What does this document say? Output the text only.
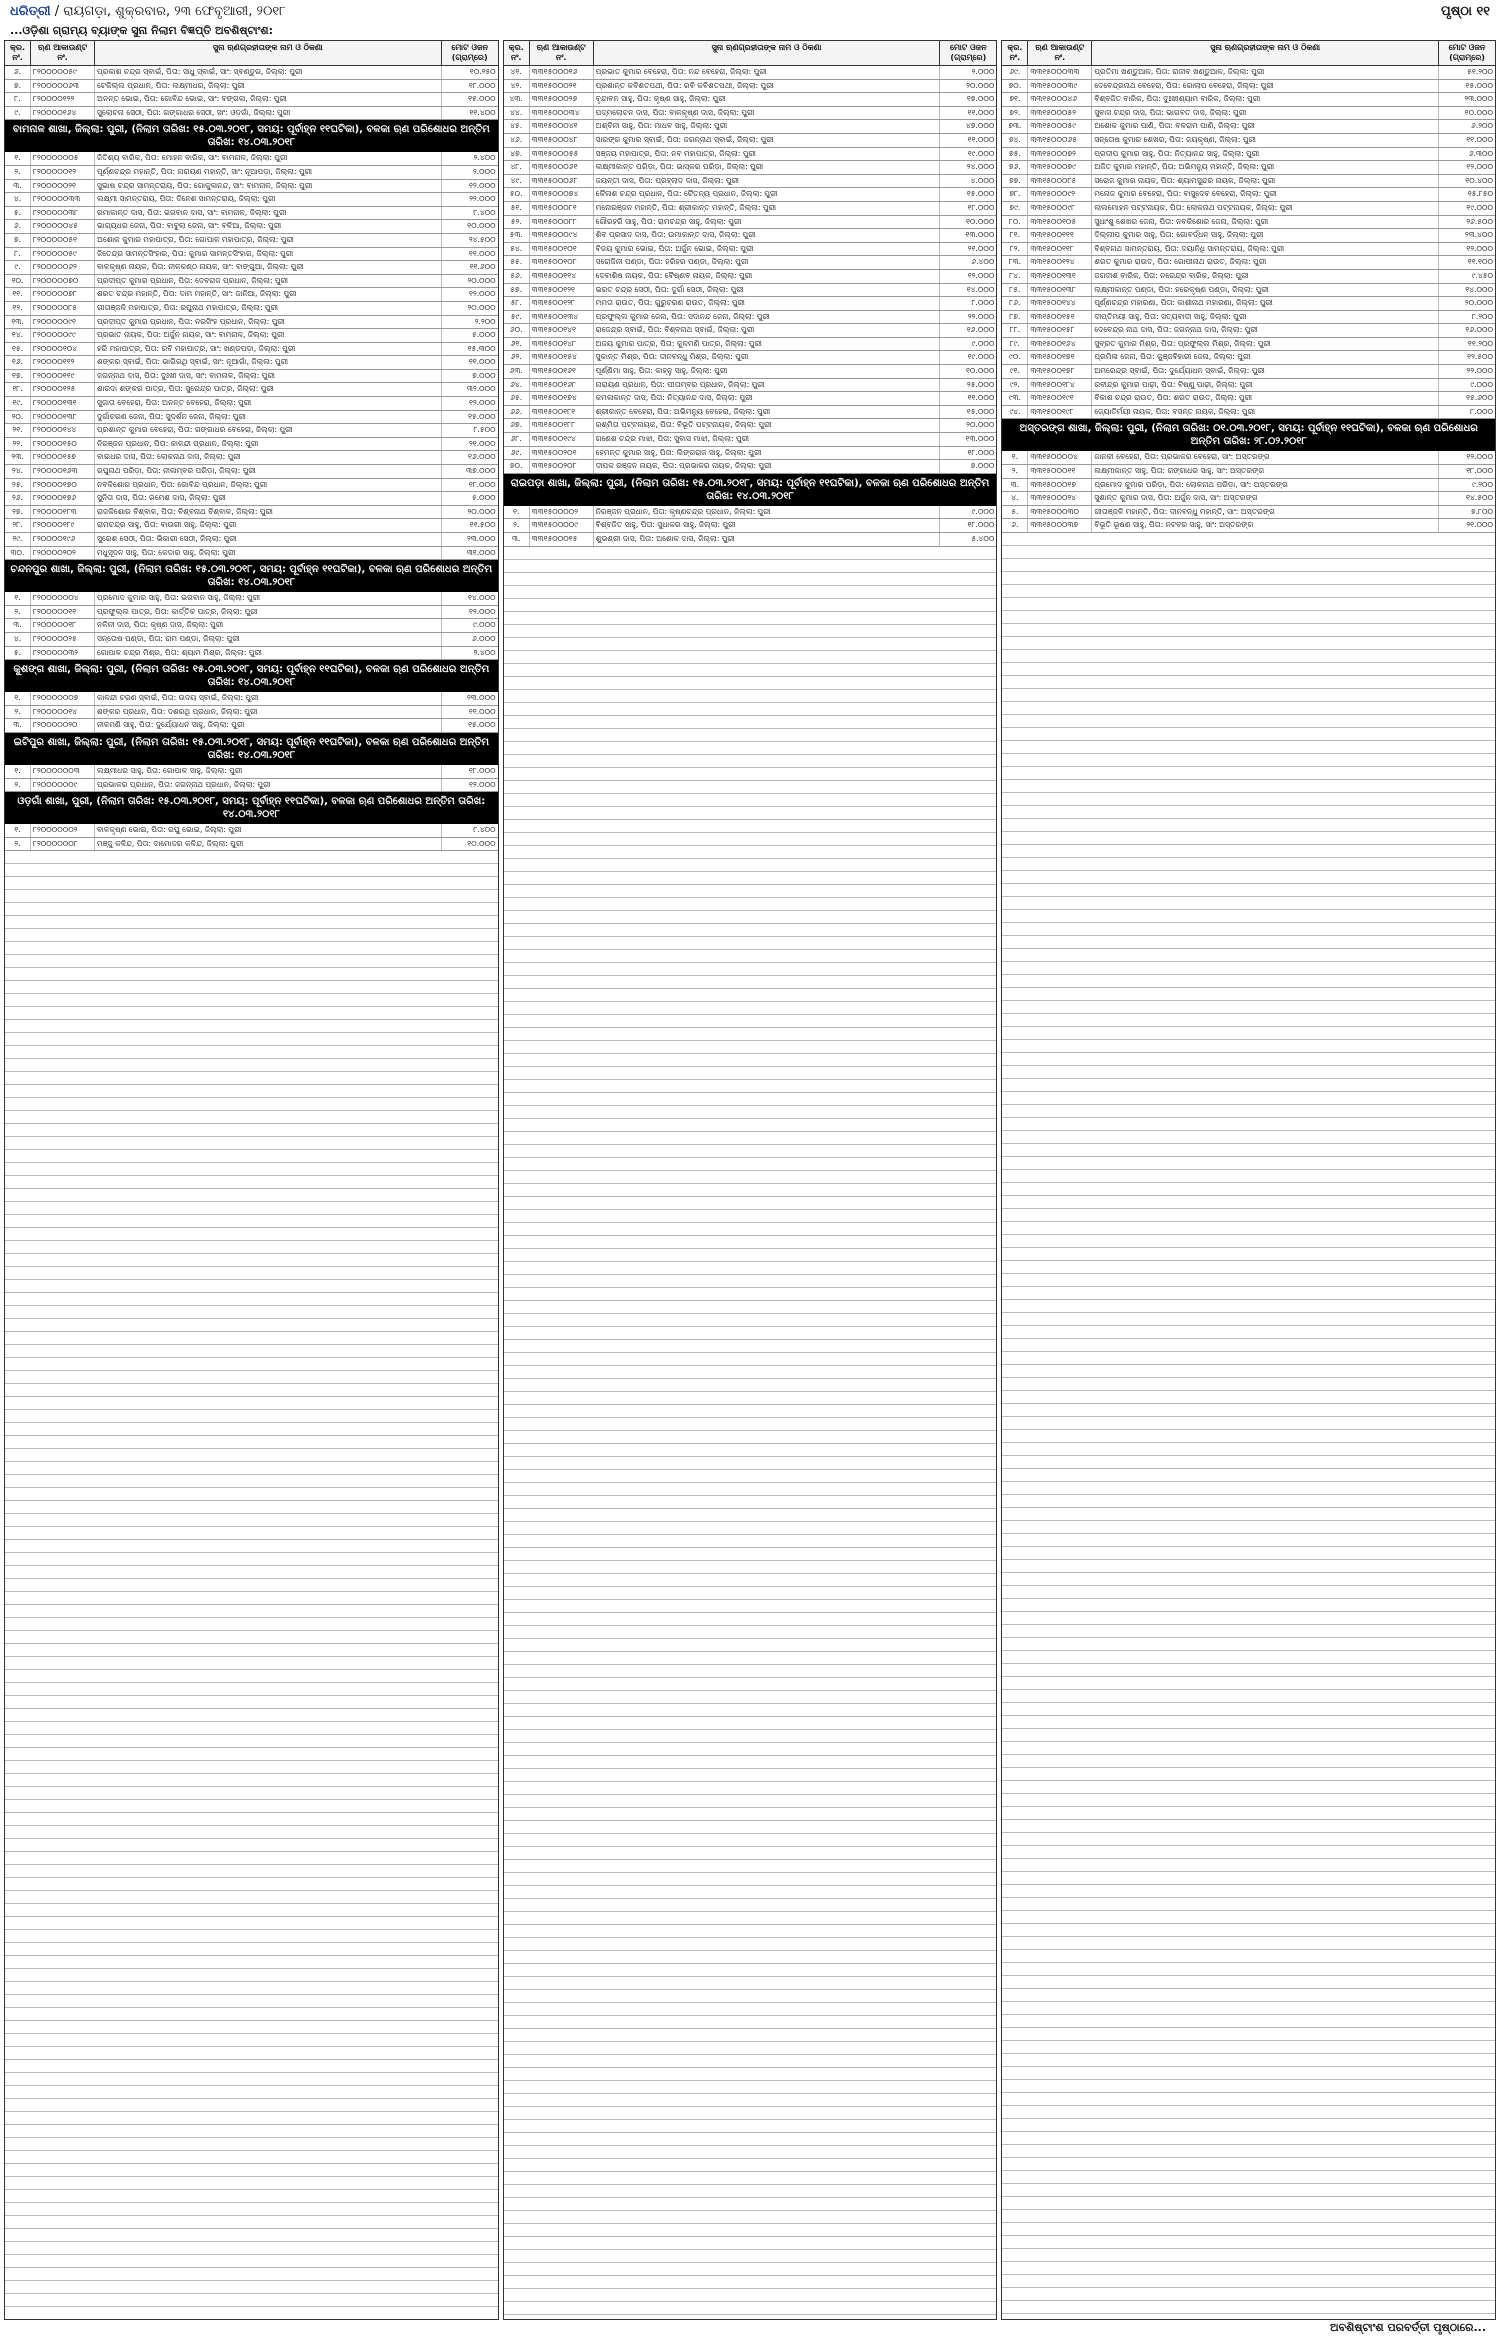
ଧରିତ୍ରୀ / ରାୟଗଡ଼ା, ଶୁକ୍ରବାର, ୨୩ ଫେବୃଆରୀ, ୨୦୧୮	ପୃଷ୍ଠା ୧୧
...ଓଡ଼ିଶା ଗ୍ରାମ୍ୟ ବ୍ୟାଙ୍କ ସୁନା ନିଲାମ ବିଜ୍ଞପ୍ତି ଅବଶିଷ୍ଟାଂଶ:
କ୍ର. ନଂ.
ଋଣ ଆକାଉଣ୍ଟ ନଂ.
ସୁନା ଋଣଗ୍ରହୀତାଙ୍କ ନାମ ଓ ଠିକଣା	ମୋଟ ଓଜନ (ଗ୍ରାମ୍‌ରେ)
୬.	୮୨୦୦୦୦୦୫୯	ପ୍ରକାଶ ଚନ୍ଦ୍ର ସ୍ବାଇଁ, ପିତା: ସାଧୁ ସ୍ବାଇଁ, ସାଂ: ସ୍ବଣ୍ଡୁର, ଜିଲ୍ଲା: ପୁରୀ	୧୦.୨୫୦
୭.	୮୨୦୦୦୦୦୬୩	ଟେକିଲ୍ଲ ପ୍ରଧାନ, ପିତା: ଲକ୍ଷ୍ମୀଧର, ଜିଲ୍ଲା: ପୁରୀ	୧୮.୦୦୦
୮.	୮୨୦୦୦୦୧୨୨	ଅନନ୍ତ ଭୋଇ, ପିତା: ଗୋବିନ୍ଦ ଭୋଇ, ସାଂ: ବଙ୍ଗଳା, ଜିଲ୍ଲା: ପୁରୀ	୧୫.୦୦୦
୯.	୮୨୦୦୦୦୧୬୪	ସୁଲୋଚନା ସେଠୀ, ପିତା: ଗଙ୍ଗାଧର ସେଠୀ, ସାଂ: ଓଡ଼ଗାଁ, ଜିଲ୍ଲା: ପୁରୀ	୧୧.୪୦୦
ବାମନାଳ ଶାଖା, ଜିଲ୍ଲା: ପୁରୀ, (ନିଲାମ ତାରିଖ: ୧୫.୦୩.୨୦୧୮, ସମୟ: ପୂର୍ବାହ୍ନ ୧୧ଘଟିକା), ବଳକା ଋଣ ପରିଶୋଧର ଅନ୍ତିମ ତାରିଖ: ୧୪.୦୩.୨୦୧୮
୧.	୮୨୦୦୦୦୦୦୫	ଜିତିଶ୍ୟ ବାରିକ, ପିତା: ମୋହନ ବାରିକ, ସାଂ: ବାମନାଳ, ଜିଲ୍ଲା: ପୁରୀ	୨.୪୦୦
୨.	୮୨୦୦୦୦୦୧୨	ପୂର୍ଣ୍ଣଚନ୍ଦ୍ର ମହାନ୍ତି, ପିତା: ନାରାୟଣ ମହାନ୍ତି, ସାଂ: ନୂଆପଡ଼ା, ଜିଲ୍ଲା: ପୁରୀ	୨.୦୦୦
୩.	୮୨୦୦୦୦୦୨୧	ସୁଭାଷ ଚନ୍ଦ୍ର ସାମନ୍ତରାୟ, ପିତା: ଗୋକୁଳାନନ୍ଦ, ସାଂ: ବାମନାଳ, ଜିଲ୍ଲା: ପୁରୀ	୧୨.୦୦୦
୪.	୮୨୦୦୦୦୦୩୩	ଲକ୍ଷ୍ମୀ ସାମନ୍ତରାୟ, ପିତା: ଦିନେଶ ସାମନ୍ତରାୟ, ଜିଲ୍ଲା: ପୁରୀ	୨୨.୦୦୦
୫.	୮୨୦୦୦୦୦୩୮	ରମାକାନ୍ତ ଦାସ, ପିତା: ଭଗବାନ ଦାସ, ସାଂ: ବାମନାଳ, ଜିଲ୍ଲା: ପୁରୀ	୮.୪୦୦
୬.	୮୨୦୦୦୦୦୪୫	ଭାଗ୍ୟଧର ଜେନା, ପିତା: ବାବୁଲା ଜେନା, ସାଂ: ବଳିଆ, ଜିଲ୍ଲା: ପୁରୀ	୧୦.୦୦୦
୭.	୮୨୦୦୦୦୦୫୧	ଅଶୋକ କୁମାର ମହାପାତ୍ର, ପିତା: ଗୋପାଳ ମହାପାତ୍ର, ଜିଲ୍ଲା: ପୁରୀ	୨୪.୫୦୦
୮.	୮୨୦୦୦୦୦୫୯	ଜିତେନ୍ଦ୍ର ସାମନ୍ତସିଂହାର, ପିତା: କୁମାର ସାମନ୍ତସିଂହାର, ଜିଲ୍ଲା: ପୁରୀ	୧୧.୦୦୦
୯.	୮୨୦୦୦୦୦୬୨	ବାଳକୃଷ୍ଣ ନାୟକ, ପିତା: ନୀଳକଣ୍ଠ ନାୟକ, ସାଂ: ବାଙ୍ଗୁଆ, ଜିଲ୍ଲା: ପୁରୀ	୧୧.୬୦୦
୧୦.	୮୨୦୦୦୦୦୭୦	ପ୍ରଦୀପ୍ତ କୁମାର ପ୍ରଧାନ, ପିତା: ଦେବରାଜ ପ୍ରଧାନ, ଜିଲ୍ଲା: ପୁରୀ	୨୦.୦୦୦
୧୧.	୮୨୦୦୦୦୦୭୮	ଶରତ ଚନ୍ଦ୍ର ମହାନ୍ତି, ପିତା: ଦାମ ମହାନ୍ତି, ସାଂ: ଜାନିଆ, ଜିଲ୍ଲା: ପୁରୀ	୧୨.୦୦୦
୧୨.	୮୨୦୦୦୦୦୮୫	ଗୀତାଞ୍ଜଳି ମହାପାତ୍ର, ପିତା: ରଘୁନାଥ ମହାପାତ୍ର, ଜିଲ୍ଲା: ପୁରୀ	୨୦.୦୦୦
୧୩.	୮୨୦୦୦୦୦୯୧	ପ୍ରଦୀପ୍ତ କୁମାର ପ୍ରଧାନ, ପିତା: ନରସିଂହ ପ୍ରଧାନ, ଜିଲ୍ଲା: ପୁରୀ	୨.୨୦୦
୧୪.	୮୨୦୦୦୦୦୯୯	ପ୍ରଭାତ ନାୟକ, ପିତା: ଅର୍ଜୁନ ନାୟକ, ସାଂ: ବାମନାଳ, ଜିଲ୍ଲା: ପୁରୀ	୫.୦୦୦
୧୫.	୮୨୦୦୦୦୧୦୪	ହରି ମହାପାତ୍ର, ପିତା: ରବି ମହାପାତ୍ର, ସାଂ: ଖଣ୍ଡପଡ଼ା, ଜିଲ୍ଲା: ପୁରୀ	୧୫.୩୦୦
୧୬.	୮୨୦୦୦୦୧୧୨	ଶଙ୍କର ସ୍ବାଇଁ, ପିତା: ଭାଗିରଥି ସ୍ବାଇଁ, ସାଂ: ନୂଆଗାଁ, ଜିଲ୍ଲା: ପୁରୀ	୧୧.୦୦୦
୧୭.	୮୨୦୦୦୦୧୧୯	ଜଗନ୍ନାଥ ଦାସ, ପିତା: ଦୁଃଖୀ ଦାସ, ସାଂ: ବାମନାଳ, ଜିଲ୍ଲା: ପୁରୀ	୭.୦୦୦
୧୮.	୮୨୦୦୦୦୧୨୫	ଶାରଦା ଶଙ୍କର ପାତ୍ର, ପିତା: ସୁରେନ୍ଦ୍ର ପାତ୍ର, ଜିଲ୍ଲା: ପୁରୀ	୩୨.୦୦୦
୧୯.	୮୨୦୦୦୦୧୩୧	ସୁଜାତା ବେହେରା, ପିତା: ଅନନ୍ତ ବେହେରା, ଜିଲ୍ଲା: ପୁରୀ	୧୨.୦୦୦
୨୦.	୮୨୦୦୦୦୧୩୮	ଦୁର୍ଗାଚରଣ ଜେନା, ପିତା: ସୁଦର୍ଶନ ଜେନା, ଜିଲ୍ଲା: ପୁରୀ	୧୫.୦୦୦
୨୧.	୮୨୦୦୦୦୧୪୪	ପ୍ରଶାନ୍ତ କୁମାର ବେହେରା, ପିତା: ଗଙ୍ଗାଧର ବେହେରା, ଜିଲ୍ଲା: ପୁରୀ	୮.୫୦୦
୨୨.	୮୨୦୦୦୦୧୫୦	ନିରଞ୍ଜନ ପ୍ରଧାନ, ପିତା: କାଳନ୍ଦୀ ପ୍ରଧାନ, ଜିଲ୍ଲା: ପୁରୀ	୨୧.୦୦୦
୨୩.	୮୨୦୦୦୦୧୫୭	ବାଇଧର ଦାସ, ପିତା: ଲୋକନାଥ ଦାସ, ଜିଲ୍ଲା: ପୁରୀ	୧୬.୦୦୦
୨୪.	୮୨୦୦୦୦୧୬୩	ରଘୁନାଥ ପରିଡ଼ା, ପିତା: ନୀଳାମ୍ବର ପରିଡ଼ା, ଜିଲ୍ଲା: ପୁରୀ	୩୭.୦୦୦
୨୫.	୮୨୦୦୦୦୧୭୦	ନବକିଶୋର ପ୍ରଧାନ, ପିତା: ଗୋବିନ୍ଦ ପ୍ରଧାନ, ଜିଲ୍ଲା: ପୁରୀ	୧୮.୦୦୦
୨୬.	୮୨୦୦୦୦୧୭୬	ସୁନିତା ଦାସ, ପିତା: ରମେଶ ଦାସ, ଜିଲ୍ଲା: ପୁରୀ	୫.୦୦୦
୨୭.	୮୨୦୦୦୦୧୮୩	ରାଜକିଶୋର ବିଶ୍ବାଳ, ପିତା: ବିଶ୍ବନାଥ ବିଶ୍ବାଳ, ଜିଲ୍ଲା: ପୁରୀ	୨୦.୦୦୦
୨୮.	୮୨୦୦୦୦୧୮୯	ରାମଚନ୍ଦ୍ର ସାହୁ, ପିତା: ବାଉରୀ ସାହୁ, ଜିଲ୍ଲା: ପୁରୀ	୧୧.୫୦୦
୨୯.	୮୨୦୦୦୦୧୯୬	ସୁରେଶ ସେଠୀ, ପିତା: ଭିକାରୀ ସେଠୀ, ଜିଲ୍ଲା: ପୁରୀ	୨୩.୦୦୦
୩୦.	୮୨୦୦୦୦୨୦୨	ମଧୁସୂଦନ ସାହୁ, ପିତା: କେଦାର ସାହୁ, ଜିଲ୍ଲା: ପୁରୀ	୩୧.୦୦୦
ଚନ୍ଦନପୁର ଶାଖା, ଜିଲ୍ଲା: ପୁରୀ, (ନିଲାମ ତାରିଖ: ୧୫.୦୩.୨୦୧୮, ସମୟ: ପୂର୍ବାହ୍ନ ୧୧ଘଟିକା), ବଳକା ଋଣ ପରିଶୋଧର ଅନ୍ତିମ ତାରିଖ: ୧୪.୦୩.୨୦୧୮
୧.	୮୨୦୦୦୦୦୦୪	ପ୍ରମୋଦ କୁମାର ସାହୁ, ପିତା: ଭଗବାନ ସାହୁ, ଜିଲ୍ଲା: ପୁରୀ	୧୪.୦୦୦
୨.	୮୨୦୦୦୦୦୧୧	ପ୍ରଫୁଲ୍ଲ ପାତ୍ର, ପିତା: କାର୍ତ୍ତିକ ପାତ୍ର, ଜିଲ୍ଲା: ପୁରୀ	୧୨.୦୦୦
୩.	୮୨୦୦୦୦୦୧୮	ନଳିନୀ ଦାସ, ପିତା: କୃଷ୍ଣ ଦାସ, ଜିଲ୍ଲା: ପୁରୀ	୯.୦୦୦
୪.	୮୨୦୦୦୦୦୨୫	ସନ୍ତୋଷ ପଣ୍ଡା, ପିତା: ରାମ ପଣ୍ଡା, ଜିଲ୍ଲା: ପୁରୀ	୬.୦୦୦
୫.	୮୨୦୦୦୦୦୩୨	ଗୋପାଳ ଚନ୍ଦ୍ର ମିଶ୍ର, ପିତା: ଶ୍ୟାମ ମିଶ୍ର, ଜିଲ୍ଲା: ପୁରୀ	୨.୪୦୦
କୁଶଙ୍ଗ ଶାଖା, ଜିଲ୍ଲା: ପୁରୀ, (ନିଲାମ ତାରିଖ: ୧୫.୦୩.୨୦୧୮, ସମୟ: ପୂର୍ବାହ୍ନ ୧୧ଘଟିକା), ବଳକା ଋଣ ପରିଶୋଧର ଅନ୍ତିମ ତାରିଖ: ୧୪.୦୩.୨୦୧୮
୧.	୮୨୦୦୦୦୦୦୭	କାଳନ୍ଦୀ ଚରଣ ସ୍ବାଇଁ, ପିତା: ଉଦୟ ସ୍ବାଇଁ, ଜିଲ୍ଲା: ପୁରୀ	୨୩.୦୦୦
୨.	୮୨୦୦୦୦୦୧୪	ଶଙ୍କର ପ୍ରଧାନ, ପିତା: ଦଶରଥି ପ୍ରଧାନ, ଜିଲ୍ଲା: ପୁରୀ	୧୧.୦୦୦
୩.	୮୨୦୦୦୦୦୨୦	ନୀଳମଣି ସାହୁ, ପିତା: ଦୁର୍ଯ୍ୟୋଧନ ସାହୁ, ଜିଲ୍ଲା: ପୁରୀ	୧୫.୦୦୦
ଇଟିପୁର ଶାଖା, ଜିଲ୍ଲା: ପୁରୀ, (ନିଲାମ ତାରିଖ: ୧୫.୦୩.୨୦୧୮, ସମୟ: ପୂର୍ବାହ୍ନ ୧୧ଘଟିକା), ବଳକା ଋଣ ପରିଶୋଧର ଅନ୍ତିମ ତାରିଖ: ୧୪.୦୩.୨୦୧୮
୧.	୮୨୦୦୦୦୦୦୩	ଲକ୍ଷ୍ମୀଧର ସାହୁ, ପିତା: ଗୋପାଳ ସାହୁ, ଜିଲ୍ଲା: ପୁରୀ	୧୮.୦୦୦
୨.	୮୨୦୦୦୦୦୦୯	ପ୍ରଭାକର ପ୍ରଧାନ, ପିତା: ଜଗନ୍ନାଥ ପ୍ରଧାନ, ଜିଲ୍ଲା: ପୁରୀ	୧୨.୦୦୦
ଓଡ଼ଗାଁ ଶାଖା, ପୁରୀ, (ନିଲାମ ତାରିଖ: ୧୫.୦୩.୨୦୧୮, ସମୟ: ପୂର୍ବାହ୍ନ ୧୧ଘଟିକା), ବଳକା ଋଣ ପରିଶୋଧର ଅନ୍ତିମ ତାରିଖ: ୧୪.୦୩.୨୦୧୮
୧.	୮୨୦୦୦୦୦୦୨	ବାଳକୃଷ୍ଣ ଭୋଇ, ପିତା: ରଘୁ ଭୋଇ, ଜିଲ୍ଲା: ପୁରୀ	୮.୪୦୦
୨.	୮୨୦୦୦୦୦୦୮	ମଞ୍ଜୁ କଳିନ୍ଦ, ପିତା: ଦାମୋଦର କଳିନ୍ଦ, ଜିଲ୍ଲା: ପୁରୀ	୧୦.୦୦୦
କ୍ର. ନଂ.
ଋଣ ଆକାଉଣ୍ଟ ନଂ.
ସୁନା ଋଣଗ୍ରହୀତାଙ୍କ ନାମ ଓ ଠିକଣା	ମୋଟ ଓଜନ (ଗ୍ରାମ୍‌ରେ)
୪୧.	୩୩୧୫୦୦୦୧୬	ପ୍ରଭାତ କୁମାର ବେହେରା, ପିତା: ନନ୍ଦ ବେହେରା, ଜିଲ୍ଲା: ପୁରୀ	୨.୦୦୦
୪୨.	୩୩୧୫୦୦୦୨୧	ପ୍ରଶାନ୍ତ କବିଶତପଥୀ, ପିତା: ରବି କବିଶତପଥୀ, ଜିଲ୍ଲା: ପୁରୀ	୨୦.୦୦୦
୪୩.	୩୩୧୫୦୦୦୨୭	ବୃନ୍ଦାବନ ସାହୁ, ପିତା: କୃଷ୍ଣ ସାହୁ, ଜିଲ୍ଲା: ପୁରୀ	୧୭.୦୦୦
୪୪.	୩୩୧୫୦୦୦୩୪	ପଦ୍ମଲୋଚନ ଦାସ, ପିତା: ବାଳକୃଷ୍ଣ ଦାସ, ଜିଲ୍ଲା: ପୁରୀ	୧୧.୦୦୦
୪୫.	୩୩୧୫୦୦୦୪୧	ଅଶ୍ବିନୀ ସାହୁ, ପିତା: ମାଧବ ସାହୁ, ଜିଲ୍ଲା: ପୁରୀ	୪୭.୦୦୦
୪୬.	୩୩୧୫୦୦୦୪୮	ସାରଙ୍ଗ କୁମାର ସ୍ବାଇଁ, ପିତା: ଜଗନ୍ନାଥ ସ୍ବାଇଁ, ଜିଲ୍ଲା: ପୁରୀ	୧୧.୦୦୦
୪୭.	୩୩୧୫୦୦୦୫୫	ସଞ୍ଜୟ ମହାପାତ୍ର, ପିତା: ନବ ମହାପାତ୍ର, ଜିଲ୍ଲା: ପୁରୀ	୧୯.୦୦୦
୪୮.	୩୩୧୫୦୦୦୬୧	ଲକ୍ଷ୍ମୀକାନ୍ତ ପରିଡ଼ା, ପିତା: ଭାସ୍କର ପରିଡ଼ା, ଜିଲ୍ଲା: ପୁରୀ	୨୪.୦୦୦
୪୯.	୩୩୧୫୦୦୦୬୮	ଜୟନ୍ତୀ ଦାସ, ପିତା: ପ୍ରହ୍ଲାଦ ଦାସ, ଜିଲ୍ଲା: ପୁରୀ	୪.୦୦୦
୫୦.	୩୩୧୫୦୦୦୭୪	କୈଳାଶ ଚନ୍ଦ୍ର ପ୍ରଧାନ, ପିତା: ଚୈତନ୍ୟ ପ୍ରଧାନ, ଜିଲ୍ଲା: ପୁରୀ	୧୫.୦୦୦
୫୧.	୩୩୧୫୦୦୦୮୧	ମନୋରଞ୍ଜନ ମହାନ୍ତି, ପିତା: ଶ୍ରୀକାନ୍ତ ମହାନ୍ତି, ଜିଲ୍ଲା: ପୁରୀ	୧୮.୦୦୦
୫୨.	୩୩୧୫୦୦୦୮୮	ଗୌରହରି ସାହୁ, ପିତା: ରାମଚନ୍ଦ୍ର ସାହୁ, ଜିଲ୍ଲା: ପୁରୀ	୧୦.୦୦୦
୫୩.	୩୩୧୫୦୦୦୯୪	ଶିବ ପ୍ରସାଦ ଦାସ, ପିତା: ଉମାକାନ୍ତ ଦାସ, ଜିଲ୍ଲା: ପୁରୀ	୧୩.୦୦୦
୫୪.	୩୩୧୫୦୦୧୦୧	ବିଜୟ କୁମାର ଭୋଇ, ପିତା: ଅର୍ଜୁନ ଭୋଇ, ଜିଲ୍ଲା: ପୁରୀ	୨୧.୦୦୦
୫୫.	୩୩୧୫୦୦୧୦୮	ସରୋଜିନୀ ପଣ୍ଡା, ପିତା: ହରିହର ପଣ୍ଡା, ଜିଲ୍ଲା: ପୁରୀ	୬.୪୦୦
୫୬.	୩୩୧୫୦୦୧୧୪	ଦେବାଶିଷ ନାୟକ, ପିତା: ବୈଷ୍ଣବ ନାୟକ, ଜିଲ୍ଲା: ପୁରୀ	୧୨.୦୦୦
୫୭.	୩୩୧୫୦୦୧୨୧	ଭରତ ଚନ୍ଦ୍ର ସେଠୀ, ପିତା: ଦୁର୍ଗା ସେଠୀ, ଜିଲ୍ଲା: ପୁରୀ	୧୪.୦୦୦
୫୮.	୩୩୧୫୦୦୧୨୮	ମମତା ରାଉତ, ପିତା: ଗୁରୁଚରଣ ରାଉତ, ଜିଲ୍ଲା: ପୁରୀ	୮.୦୦୦
୫୯.	୩୩୧୫୦୦୧୩୪	ପ୍ରଫୁଲ୍ଲ କୁମାର ଜେନା, ପିତା: ସଦାନନ୍ଦ ଜେନା, ଜିଲ୍ଲା: ପୁରୀ	୨୨.୦୦୦
୬୦.	୩୩୧୫୦୦୧୪୧	ରାଜେନ୍ଦ୍ର ସ୍ବାଇଁ, ପିତା: ବିଶ୍ବନାଥ ସ୍ବାଇଁ, ଜିଲ୍ଲା: ପୁରୀ	୧୬.୦୦୦
୬୧.	୩୩୧୫୦୦୧୪୮	ଅଜୟ କୁମାର ପାତ୍ର, ପିତା: କୁଳମଣି ପାତ୍ର, ଜିଲ୍ଲା: ପୁରୀ	୯.୦୦୦
୬୨.	୩୩୧୫୦୦୧୫୪	ସୁକାନ୍ତ ମିଶ୍ର, ପିତା: ଦୀନବନ୍ଧୁ ମିଶ୍ର, ଜିଲ୍ଲା: ପୁରୀ	୧୯.୦୦୦
୬୩.	୩୩୧୫୦୦୧୬୧	ପୂର୍ଣ୍ଣିମା ସାହୁ, ପିତା: କାହ୍ନୁ ସାହୁ, ଜିଲ୍ଲା: ପୁରୀ	୧୦.୦୦୦
୬୪.	୩୩୧୫୦୦୧୬୮	ନାରାୟଣ ପ୍ରଧାନ, ପିତା: ପୀତାମ୍ବର ପ୍ରଧାନ, ଜିଲ୍ଲା: ପୁରୀ	୨୫.୦୦୦
୬୫.	୩୩୧୫୦୦୧୭୪	କମଳାକାନ୍ତ ଦାସ, ପିତା: ନିତ୍ୟାନନ୍ଦ ଦାସ, ଜିଲ୍ଲା: ପୁରୀ	୧୧.୦୦୦
୬୬.	୩୩୧୫୦୦୧୮୧	ଶ୍ରୀକାନ୍ତ ବେହେରା, ପିତା: ଅଭିମନ୍ୟୁ ବେହେରା, ଜିଲ୍ଲା: ପୁରୀ	୧୫.୦୦୦
୬୭.	୩୩୧୫୦୦୧୮୮	ରଶ୍ମିତା ପଟ୍ଟନାୟକ, ପିତା: ବିଭୂତି ପଟ୍ଟନାୟକ, ଜିଲ୍ଲା: ପୁରୀ	୨୦.୦୦୦
୬୮.	୩୩୧୫୦୦୧୯୪	ଗଣେଶ ଚନ୍ଦ୍ର ମାଝୀ, ପିତା: ସୁବାସ ମାଝୀ, ଜିଲ୍ଲା: ପୁରୀ	୧୩.୦୦୦
୬୯.	୩୩୧୫୦୦୨୦୧	ହେମନ୍ତ କୁମାର ସାହୁ, ପିତା: ଲିଙ୍ଗରାଜ ସାହୁ, ଜିଲ୍ଲା: ପୁରୀ	୧୮.୦୦୦
୭୦.	୩୩୧୫୦୦୨୦୮	ଦୀପକ ରଞ୍ଜନ ନାୟକ, ପିତା: ପ୍ରଭାକର ନାୟକ, ଜିଲ୍ଲା: ପୁରୀ	୭.୦୦୦
ରାଇପଡ଼ା ଶାଖା, ଜିଲ୍ଲା: ପୁରୀ, (ନିଲାମ ତାରିଖ: ୧୫.୦୩.୨୦୧୮, ସମୟ: ପୂର୍ବାହ୍ନ ୧୧ଘଟିକା), ବଳକା ଋଣ ପରିଶୋଧର ଅନ୍ତିମ ତାରିଖ: ୧୪.୦୩.୨୦୧୮
୧.	୩୩୧୫୦୦୦୦୨	ନିରଞ୍ଜନ ପ୍ରଧାନ, ପିତା: କୃଷ୍ଣଚନ୍ଦ୍ର ପ୍ରଧାନ, ଜିଲ୍ଲା: ପୁରୀ	୯.୦୦୦
୨.	୩୩୧୫୦୦୦୦୯	ବିଶ୍ବଜିତ ସାହୁ, ପିତା: ସୁଧାକର ସାହୁ, ଜିଲ୍ଲା: ପୁରୀ	୧୮.୦୦୦
୩.	୩୩୧୫୦୦୦୧୫	ଶୁଭଶ୍ରୀ ଦାସ, ପିତା: ଅଶୋକ ଦାସ, ଜିଲ୍ଲା: ପୁରୀ	୫.୪୦୦
କ୍ର. ନଂ.
ଋଣ ଆକାଉଣ୍ଟ ନଂ.
ସୁନା ଋଣଗ୍ରହୀତାଙ୍କ ନାମ ଓ ଠିକଣା	ମୋଟ ଓଜନ (ଗ୍ରାମ୍‌ରେ)
୬୯.	୩୩୧୫୦୦୦୩୩	ପ୍ରତିମା ଖଣ୍ଡୁଆଳ, ପିତା: ରାଜୀବ ଖଣ୍ଡୁଆଳ, ଜିଲ୍ଲା: ପୁରୀ	୫୧.୨୦୦
୭୦.	୩୩୧୫୦୦୦୩୯	ଦେବେନ୍ଦ୍ରନାଥ ବେହେରା, ପିତା: ଗୋଲାପ ବେହେରା, ଜିଲ୍ଲା: ପୁରୀ	୧୫.୦୦୦
୭୧.	୩୩୧୫୦୦୦୪୬	ବିଶ୍ବଜିତ ବାରିକ, ପିତା: ଦୁଃଖୀଶ୍ୟାମ ବାରିକ, ଜିଲ୍ଲା: ପୁରୀ	୨୩.୦୦୦
୭୨.	୩୩୧୫୦୦୦୫୨	ସୁବାସ ଚନ୍ଦ୍ର ଦାସ, ପିତା: ଭାଗବତ ଦାସ, ଜିଲ୍ଲା: ପୁରୀ	୧୦.୦୦୦
୭୩.	୩୩୧୫୦୦୦୫୯	ଅଶୋକ କୁମାର ପାଣି, ପିତା: ବଳରାମ ପାଣି, ଜିଲ୍ଲା: ପୁରୀ	୬.୨୦୦
୭୪.	୩୩୧୫୦୦୦୬୫	ସନ୍ତୋଷ କୁମାର ଶେଖର, ପିତା: ଜୟକୃଷ୍ଣ, ଜିଲ୍ଲା: ପୁରୀ	୧୧.୦୦୦
୭୫.	୩୩୧୫୦୦୦୭୨	ପ୍ରଦୀପ କୁମାର ସାହୁ, ପିତା: ନିତ୍ୟାନନ୍ଦ ସାହୁ, ଜିଲ୍ଲା: ପୁରୀ	୬.୩୦୦
୭୬.	୩୩୧୫୦୦୦୭୯	ଅଜିତ କୁମାର ମହାନ୍ତି, ପିତା: ଅଭିମନ୍ୟୁ ମହାନ୍ତି, ଜିଲ୍ଲା: ପୁରୀ	୧୨.୦୦୦
୭୭.	୩୩୧୫୦୦୦୮୫	ସରୋଜ କୁମାର ନାୟକ, ପିତା: ଶ୍ୟାମସୁନ୍ଦର ନାୟକ, ଜିଲ୍ଲା: ପୁରୀ	୧୦.୪୦୦
୭୮.	୩୩୧୫୦୦୦୯୨	ମନୋଜ କୁମାର ବେହେରା, ପିତା: ବାସୁଦେବ ବେହେରା, ଜିଲ୍ଲା: ପୁରୀ	୧୫.୮୫୦
୭୯.	୩୩୧୫୦୦୦୯୮	ଲାଲମୋହନ ପଟ୍ଟନାୟକ, ପିତା: ଲୋକନାଥ ପଟ୍ଟନାୟକ, ଜିଲ୍ଲା: ପୁରୀ	୧୯.୦୦୦
୮୦.	୩୩୧୫୦୦୧୦୫	ସୁଧାଂଶୁ ଶେଖର ଜେନା, ପିତା: ନବକିଶୋର ଜେନା, ଜିଲ୍ଲା: ପୁରୀ	୨୬.୫୦୦
୮୧.	୩୩୧୫୦୦୧୧୧	ଦିଲ୍ଲୀପ କୁମାର ସାହୁ, ପିତା: ଗୋବର୍ଦ୍ଧନ ସାହୁ, ଜିଲ୍ଲା: ପୁରୀ	୨୩.୪୦୦
୮୨.	୩୩୧୫୦୦୧୧୮	ବିଶ୍ବନାଥ ସାମନ୍ତରାୟ, ପିତା: ଦୟାନିଧି ସାମନ୍ତରାୟ, ଜିଲ୍ଲା: ପୁରୀ	୧୨.୦୦୦
୮୩.	୩୩୧୫୦୦୧୨୪	ଶରତ କୁମାର ରାଉତ, ପିତା: ଗୋପୀନାଥ ରାଉତ, ଜିଲ୍ଲା: ପୁରୀ	୧୧.୧୦୦
୮୪.	୩୩୧୫୦୦୧୩୧	ଜଗଦୀଶ ବାରିକ, ପିତା: ନରେନ୍ଦ୍ର ବାରିକ, ଜିଲ୍ଲା: ପୁରୀ	୯.୪୫୦
୮୫.	୩୩୧୫୦୦୧୩୮	ଲକ୍ଷ୍ମୀକାନ୍ତ ପଣ୍ଡା, ପିତା: ହରେକୃଷ୍ଣ ପଣ୍ଡା, ଜିଲ୍ଲା: ପୁରୀ	୧୪.୦୦୦
୮୬.	୩୩୧୫୦୦୧୪୪	ପୂର୍ଣ୍ଣଚନ୍ଦ୍ର ମହାରଣା, ପିତା: କାଶୀନାଥ ମହାରଣା, ଜିଲ୍ଲା: ପୁରୀ	୨୦.୦୦୦
୮୭.	୩୩୧୫୦୦୧୫୧	ଦୀପ୍ତିମୟୀ ସାହୁ, ପିତା: ସତ୍ୟବାଦୀ ସାହୁ, ଜିଲ୍ଲା: ପୁରୀ	୮.୨୦୦
୮୮.	୩୩୧୫୦୦୧୫୮	ଦେବେନ୍ଦ୍ର ନାଥ ଦାସ, ପିତା: ଜଗନ୍ନାଥ ଦାସ, ଜିଲ୍ଲା: ପୁରୀ	୧୬.୦୦୦
୮୯.	୩୩୧୫୦୦୧୬୪	ସୁବ୍ରତ କୁମାର ମିଶ୍ର, ପିତା: ପ୍ରଫୁଲ୍ଲ ମିଶ୍ର, ଜିଲ୍ଲା: ପୁରୀ	୧୧.୨୦୦
୯୦.	୩୩୧୫୦୦୧୭୧	ପ୍ରମିଳା ଜେନା, ପିତା: କୁଞ୍ଜବିହାରୀ ଜେନା, ଜିଲ୍ଲା: ପୁରୀ	୧୨.୫୦୦
୯୧.	୩୩୧୫୦୦୧୭୮	ଅମରେନ୍ଦ୍ର ସ୍ବାଇଁ, ପିତା: ଦୁର୍ଯ୍ୟୋଧନ ସ୍ବାଇଁ, ଜିଲ୍ଲା: ପୁରୀ	୨୨.୦୦୦
୯୨.	୩୩୧୫୦୦୧୮୪	ରବୀନ୍ଦ୍ର କୁମାର ପାଢ଼ୀ, ପିତା: ବିଷ୍ଣୁ ପାଢ଼ୀ, ଜିଲ୍ଲା: ପୁରୀ	୯.୦୦୦
୯୩.	୩୩୧୫୦୦୧୯୧	ବିକାଶ ଚନ୍ଦ୍ର ରାଉତ, ପିତା: ଶରତ ରାଉତ, ଜିଲ୍ଲା: ପୁରୀ	୧୫.୬୦୦
୯୪.	୩୩୧୫୦୦୧୯୮	ଜ୍ୟୋତିର୍ମୟୀ ନାୟକ, ପିତା: ବସନ୍ତ ନାୟକ, ଜିଲ୍ଲା: ପୁରୀ	୮.୦୦୦
ଅସ୍ତରଙ୍ଗ ଶାଖା, ଜିଲ୍ଲା: ପୁରୀ, (ନିଲାମ ତାରିଖ: ୦୧.୦୩.୨୦୧୮, ସମୟ: ପୂର୍ବାହ୍ନ ୧୧ଘଟିକା), ବଳକା ଋଣ ପରିଶୋଧର ଅନ୍ତିମ ତାରିଖ: ୨୮.୦୨.୨୦୧୮
୧.	୩୩୧୫୦୦୦୦୪	ଜାନକୀ ବେହେରା, ପିତା: ପ୍ରଭାକର ବେହେରା, ସାଂ: ଅସ୍ତରଙ୍ଗ	୧୨.୦୦୦
୨.	୩୩୧୫୦୦୦୧୧	ଲକ୍ଷ୍ମୀକାନ୍ତ ସାହୁ, ପିତା: ଗଙ୍ଗାଧର ସାହୁ, ସାଂ: ଅସ୍ତରଙ୍ଗ	୧୮.୦୦୦
୩.	୩୩୧୫୦୦୦୧୭	ପ୍ରମୋଦ କୁମାର ପରିଡ଼ା, ପିତା: ଲୋକନାଥ ପରିଡ଼ା, ସାଂ: ଅସ୍ତରଙ୍ଗ	୯.୨୦୦
୪.	୩୩୧୫୦୦୦୨୪	ସୁଶାନ୍ତ କୁମାର ଦାସ, ପିତା: ଅର୍ଜୁନ ଦାସ, ସାଂ: ଅସ୍ତରଙ୍ଗ	୧୪.୫୦୦
୫.	୩୩୧୫୦୦୦୩୦	ଗୀତାଞ୍ଜଳି ମହାନ୍ତି, ପିତା: ଦୀନବନ୍ଧୁ ମହାନ୍ତି, ସାଂ: ଅସ୍ତରଙ୍ଗ	୭.୮୦୦
୬.	୩୩୧୫୦୦୦୩୭	ବିଭୂତି ଭୂଷଣ ସାହୁ, ପିତା: ନଟବର ସାହୁ, ସାଂ: ଅସ୍ତରଙ୍ଗ	୨୧.୦୦୦
ଅବଶିଷ୍ଟାଂଶ ପରବର୍ତ୍ତୀ ପୃଷ୍ଠାରେ...
